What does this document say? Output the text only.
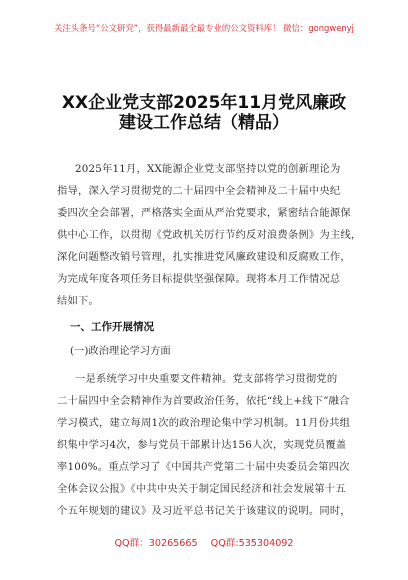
关注头条号“公文研究”，获得最新最全最专业的公文资料库！ 微信：gongwenyj
XX企业党支部2025年11月党风廉政
建设工作总结（精品）
2025年11月，XX能源企业党支部坚持以党的创新理论为
指导，深入学习贯彻党的二十届四中全会精神及二十届中央纪
委四次全会部署，严格落实全面从严治党要求，紧密结合能源保
供中心工作，以贯彻《党政机关厉行节约反对浪费条例》为主线，
深化问题整改销号管理，扎实推进党风廉政建设和反腐败工作，
为完成年度各项任务目标提供坚强保障。现将本月工作情况总
结如下。
一、工作开展情况
(一)政治理论学习方面
一是系统学习中央重要文件精神。党支部将学习贯彻党的
二十届四中全会精神作为首要政治任务，依托“线上+线下”融合
学习模式，建立每周1次的政治理论集中学习机制。11月份共组
织集中学习4次，参与党员干部累计达156人次，实现党员覆盖
率100%。重点学习了《中国共产党第二十届中央委员会第四次
全体会议公报》《中共中央关于制定国民经济和社会发展第十五
个五年规划的建议》及习近平总书记关于该建议的说明。同时，
QQ群：30265665 QQ群:535304092
